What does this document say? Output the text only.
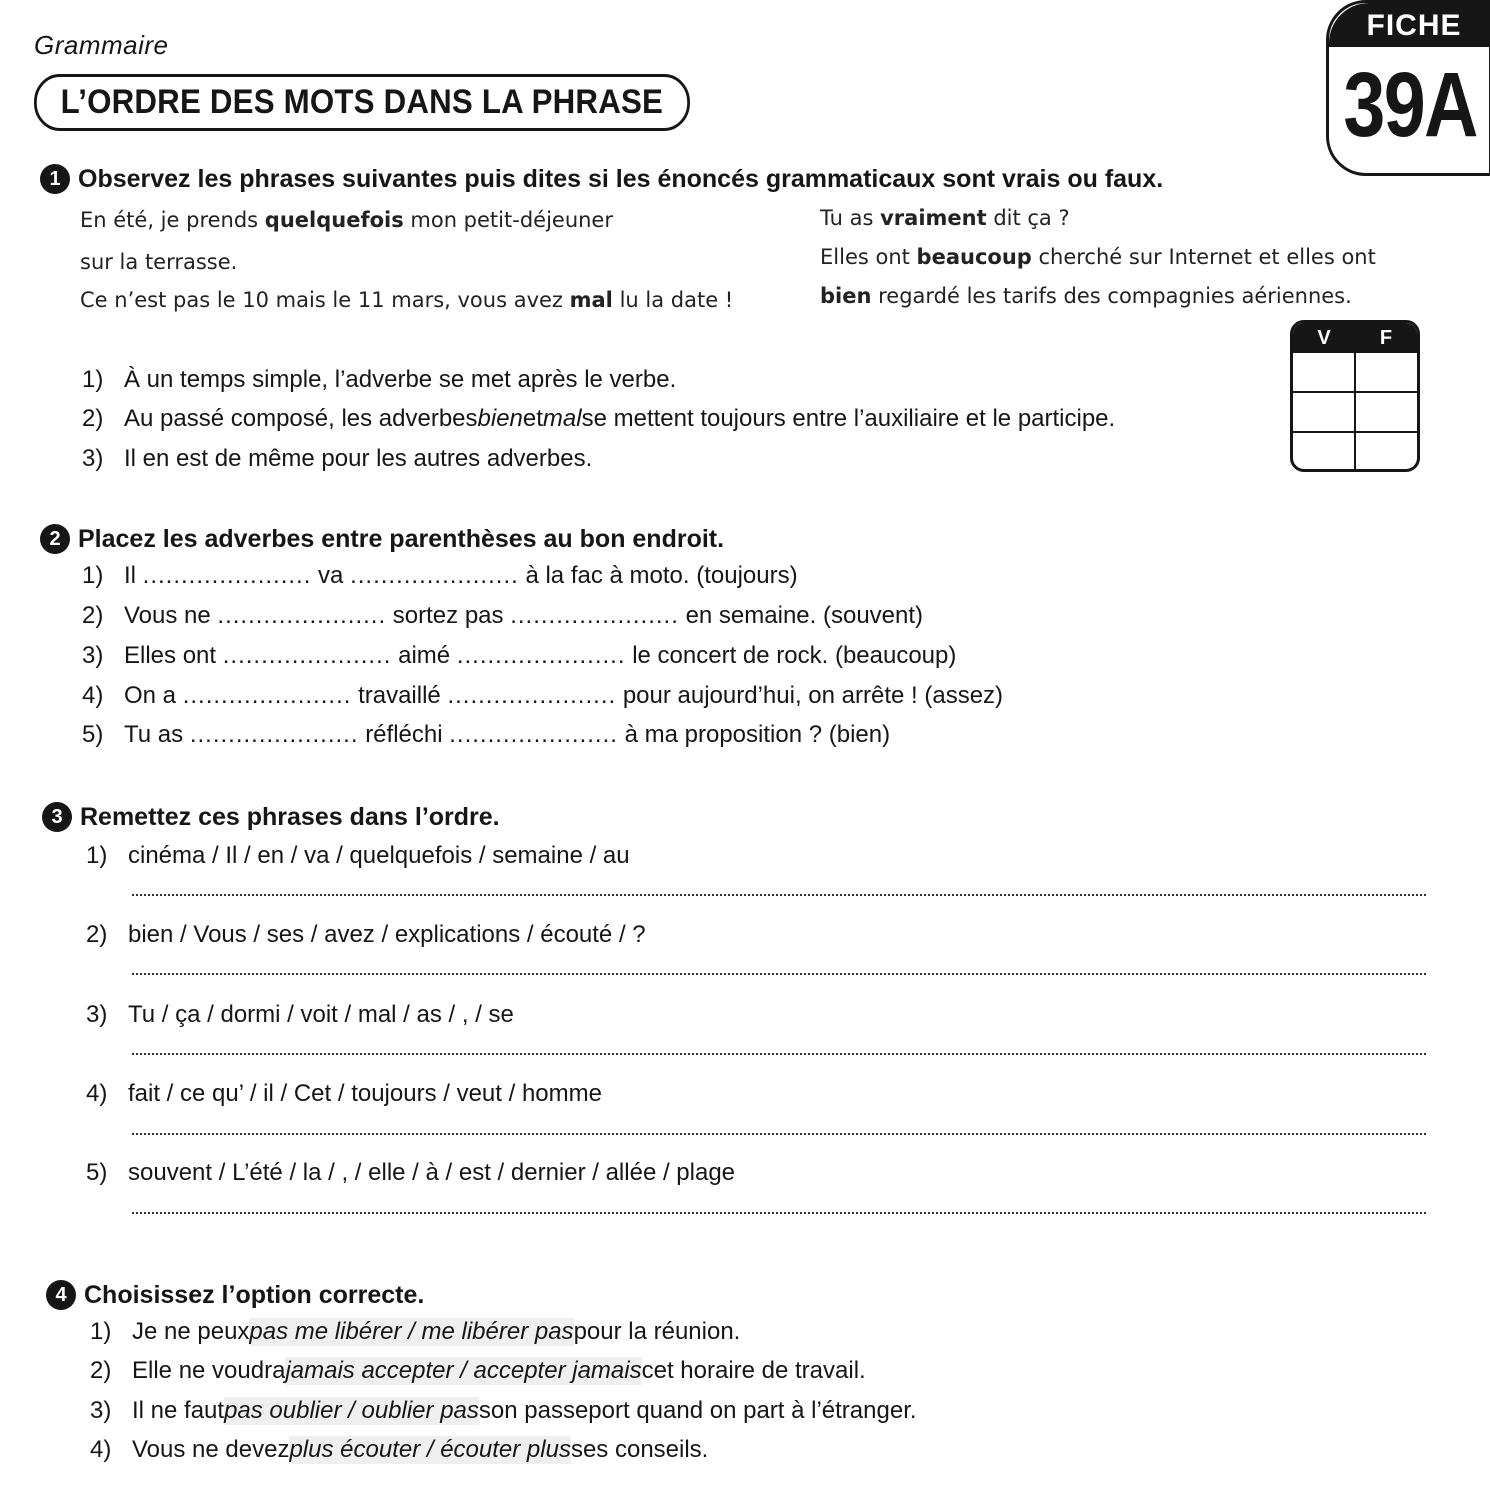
Grammaire
L’ORDRE DES MOTS DANS LA PHRASE
FICHE
39A
1 Observez les phrases suivantes puis dites si les énoncés grammaticaux sont vrais ou faux.
En été, je prends quelquefois mon petit-déjeuner
sur la terrasse.
Ce n’est pas le 10 mais le 11 mars, vous avez mal lu la date !
Tu as vraiment dit ça ?
Elles ont beaucoup cherché sur Internet et elles ont
bien regardé les tarifs des compagnies aériennes.
1) À un temps simple, l’adverbe se met après le verbe.
2) Au passé composé, les adverbes bien et mal se mettent toujours entre l’auxiliaire et le participe.
3) Il en est de même pour les autres adverbes.
V	F
2 Placez les adverbes entre parenthèses au bon endroit.
1) Il
......................
va
......................
à la fac à moto. (toujours)
2) Vous ne
......................
sortez pas
......................
en semaine. (souvent)
3) Elles ont
......................
aimé
......................
le concert de rock. (beaucoup)
4) On a
......................
travaillé
......................
pour aujourd’hui, on arrête ! (assez)
5) Tu as
......................
réfléchi
......................
à ma proposition ? (bien)
3 Remettez ces phrases dans l’ordre.
1) cinéma / Il / en / va / quelquefois / semaine / au
2) bien / Vous / ses / avez / explications / écouté / ?
3) Tu / ça / dormi / voit / mal / as / , / se
4) fait / ce qu’ / il / Cet / toujours / veut / homme
5) souvent / L’été / la / , / elle / à / est / dernier / allée / plage
4 Choisissez l’option correcte.
1) Je ne peux pas me libérer / me libérer pas pour la réunion.
2) Elle ne voudra jamais accepter / accepter jamais cet horaire de travail.
3) Il ne faut pas oublier / oublier pas son passeport quand on part à l’étranger.
4) Vous ne devez plus écouter / écouter plus ses conseils.
